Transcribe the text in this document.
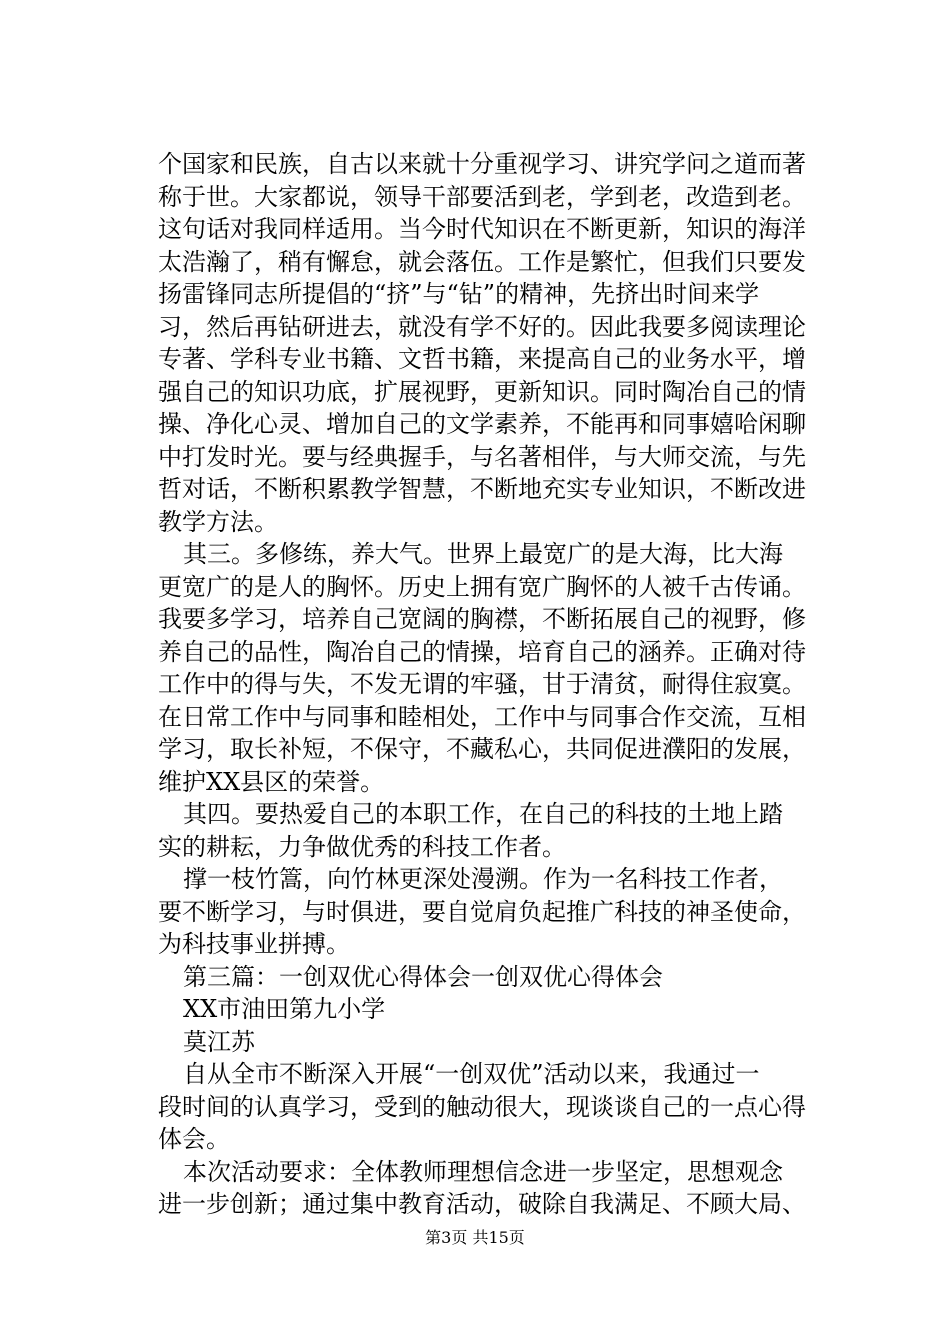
个国家和民族，自古以来就十分重视学习、讲究学问之道而著
称于世。大家都说，领导干部要活到老，学到老，改造到老。
这句话对我同样适用。当今时代知识在不断更新，知识的海洋
太浩瀚了，稍有懈怠，就会落伍。工作是繁忙，但我们只要发
扬雷锋同志所提倡的“挤”与“钻”的精神，先挤出时间来学
习，然后再钻研进去，就没有学不好的。因此我要多阅读理论
专著、学科专业书籍、文哲书籍，来提高自己的业务水平，增
强自己的知识功底，扩展视野，更新知识。同时陶冶自己的情
操、净化心灵、增加自己的文学素养，不能再和同事嬉哈闲聊
中打发时光。要与经典握手，与名著相伴，与大师交流，与先
哲对话，不断积累教学智慧，不断地充实专业知识，不断改进
教学方法。
其三。多修练，养大气。世界上最宽广的是大海，比大海
更宽广的是人的胸怀。历史上拥有宽广胸怀的人被千古传诵。
我要多学习，培养自己宽阔的胸襟，不断拓展自己的视野，修
养自己的品性，陶冶自己的情操，培育自己的涵养。正确对待
工作中的得与失，不发无谓的牢骚，甘于清贫，耐得住寂寞。
在日常工作中与同事和睦相处，工作中与同事合作交流，互相
学习，取长补短，不保守，不藏私心，共同促进濮阳的发展，
维护XX县区的荣誉。
其四。要热爱自己的本职工作，在自己的科技的土地上踏
实的耕耘，力争做优秀的科技工作者。
撑一枝竹篙，向竹林更深处漫溯。作为一名科技工作者，
要不断学习，与时俱进，要自觉肩负起推广科技的神圣使命，
为科技事业拼搏。
第三篇：一创双优心得体会一创双优心得体会
XX市油田第九小学
莫江苏
自从全市不断深入开展“一创双优”活动以来，我通过一
段时间的认真学习，受到的触动很大，现谈谈自己的一点心得
体会。
本次活动要求：全体教师理想信念进一步坚定，思想观念
进一步创新；通过集中教育活动，破除自我满足、不顾大局、
第3页 共15页
